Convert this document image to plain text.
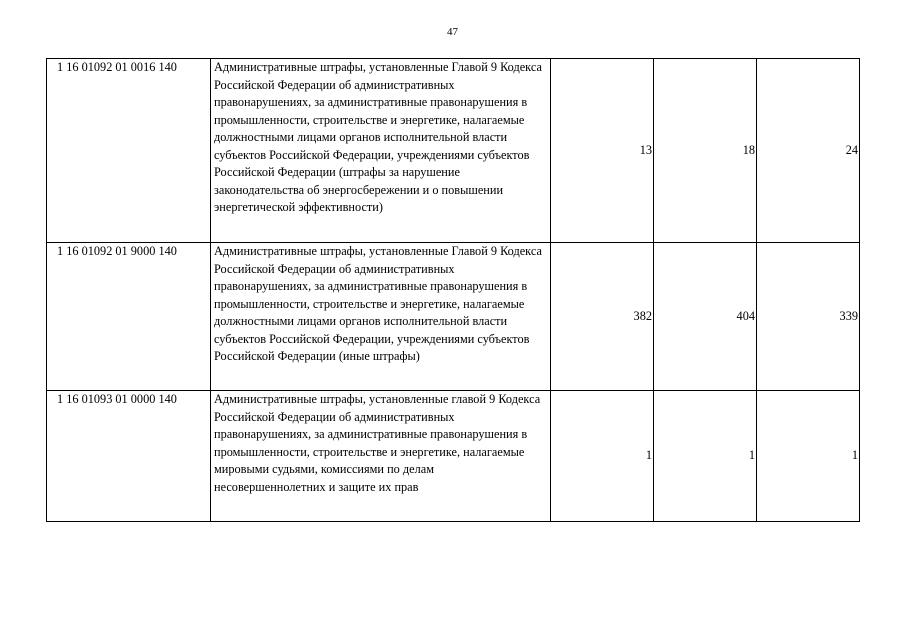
47
1 16 01092 01 0016 140	Административные штрафы, установленные Главой 9 Кодекса Российской Федерации об административных правонарушениях, за административные правонарушения в промышленности, строительстве и энергетике, налагаемые должностными лицами органов исполнительной власти субъектов Российской Федерации, учреждениями субъектов Российской Федерации (штрафы за нарушение законодательства об энергосбережении и о повышении энергетической эффективности)	13	18	24
1 16 01092 01 9000 140	Административные штрафы, установленные Главой 9 Кодекса Российской Федерации об административных правонарушениях, за административные правонарушения в промышленности, строительстве и энергетике, налагаемые должностными лицами органов исполнительной власти субъектов Российской Федерации, учреждениями субъектов Российской Федерации (иные штрафы)	382	404	339
1 16 01093 01 0000 140	Административные штрафы, установленные главой 9 Кодекса Российской Федерации об административных правонарушениях, за административные правонарушения в промышленности, строительстве и энергетике, налагаемые мировыми судьями, комиссиями по делам несовершеннолетних и защите их прав	1	1	1
